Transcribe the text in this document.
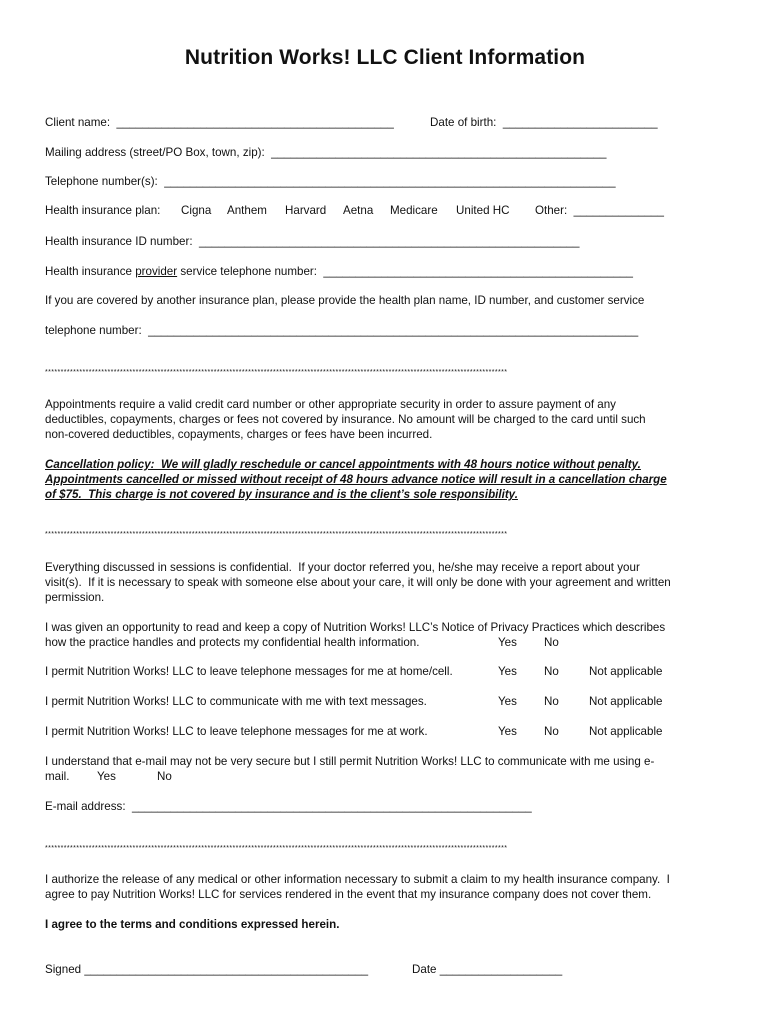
Nutrition Works! LLC Client Information
Client name:  ___________________________________________	Date of birth:  ________________________
Mailing address (street/PO Box, town, zip):  ____________________________________________________
Telephone number(s):  ______________________________________________________________________
Health insurance plan: Cigna Anthem Harvard Aetna Medicare United HC Other:  ______________
Health insurance ID number:  ___________________________________________________________
Health insurance provider service telephone number:  ________________________________________________
If you are covered by another insurance plan, please provide the health plan name, ID number, and customer service
telephone number:  ____________________________________________________________________________
****************************************************************************************************************************************************
Appointments require a valid credit card number or other appropriate security in order to assure payment of any
deductibles, copayments, charges or fees not covered by insurance. No amount will be charged to the card until such
non-covered deductibles, copayments, charges or fees have been incurred.
Cancellation policy:  We will gladly reschedule or cancel appointments with 48 hours notice without penalty.
Appointments cancelled or missed without receipt of 48 hours advance notice will result in a cancellation charge
of $75.  This charge is not covered by insurance and is the client’s sole responsibility.
****************************************************************************************************************************************************
Everything discussed in sessions is confidential.  If your doctor referred you, he/she may receive a report about your
visit(s).  If it is necessary to speak with someone else about your care, it will only be done with your agreement and written
permission.
I was given an opportunity to read and keep a copy of Nutrition Works! LLC’s Notice of Privacy Practices which describes
how the practice handles and protects my confidential health information.	Yes No
I permit Nutrition Works! LLC to leave telephone messages for me at home/cell.	Yes No	Not applicable
I permit Nutrition Works! LLC to communicate with me with text messages.	Yes No	Not applicable
I permit Nutrition Works! LLC to leave telephone messages for me at work.	Yes No	Not applicable
I understand that e-mail may not be very secure but I still permit Nutrition Works! LLC to communicate with me using e-
mail.	Yes	No
E-mail address:  ______________________________________________________________
****************************************************************************************************************************************************
I authorize the release of any medical or other information necessary to submit a claim to my health insurance company.  I
agree to pay Nutrition Works! LLC for services rendered in the event that my insurance company does not cover them.
I agree to the terms and conditions expressed herein.
Signed ____________________________________________	Date ___________________
